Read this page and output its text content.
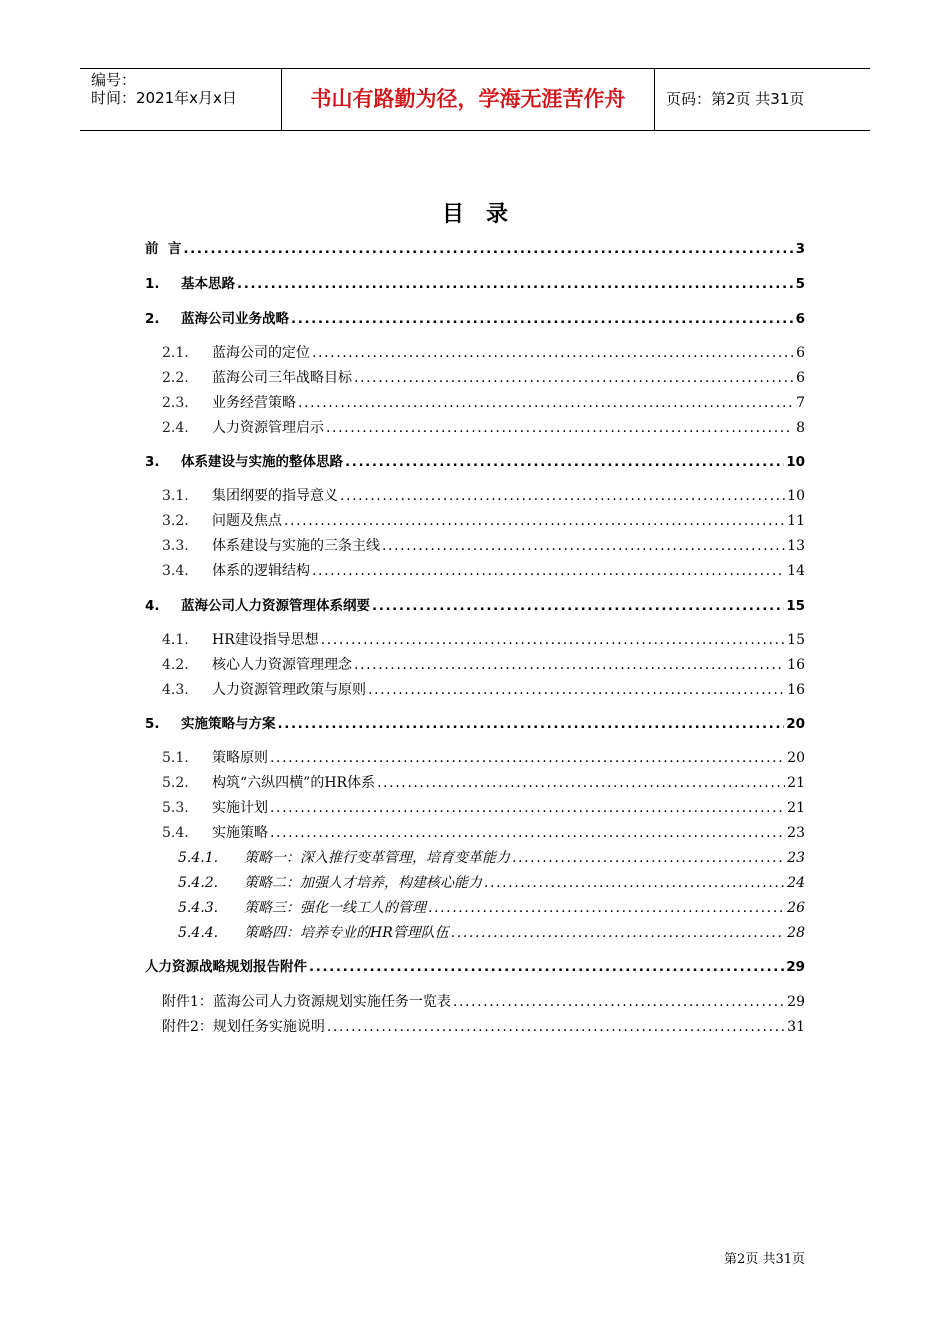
编号：
时间：2021年x月x日	书山有路勤为径，学海无涯苦作舟	页码：第2页 共31页
目录
前  言 .....	3
1.	基本思路 .....	5
2.	蓝海公司业务战略 .....	6
2.1.	蓝海公司的定位 .....	6
2.2.	蓝海公司三年战略目标 .....	6
2.3.	业务经营策略 .....	7
2.4.	人力资源管理启示 .....	8
3.	体系建设与实施的整体思路 .....	10
3.1.	集团纲要的指导意义 .....	10
3.2.	问题及焦点 .....	11
3.3.	体系建设与实施的三条主线 .....	13
3.4.	体系的逻辑结构 .....	14
4.	蓝海公司人力资源管理体系纲要 .....	15
4.1.	HR建设指导思想 .....	15
4.2.	核心人力资源管理理念 .....	16
4.3.	人力资源管理政策与原则 .....	16
5.	实施策略与方案 .....	20
5.1.	策略原则 .....	20
5.2.	构筑“六纵四横”的HR体系 .....	21
5.3.	实施计划 .....	21
5.4.	实施策略 .....	23
5.4.1.	策略一：深入推行变革管理，培育变革能力 .....	23
5.4.2.	策略二：加强人才培养，构建核心能力 .....	24
5.4.3.	策略三：强化一线工人的管理 .....	26
5.4.4.	策略四：培养专业的HR管理队伍 .....	28
人力资源战略规划报告附件 .....	29
附件1：蓝海公司人力资源规划实施任务一览表 .....	29
附件2：规划任务实施说明 .....	31
第2页 共31页
